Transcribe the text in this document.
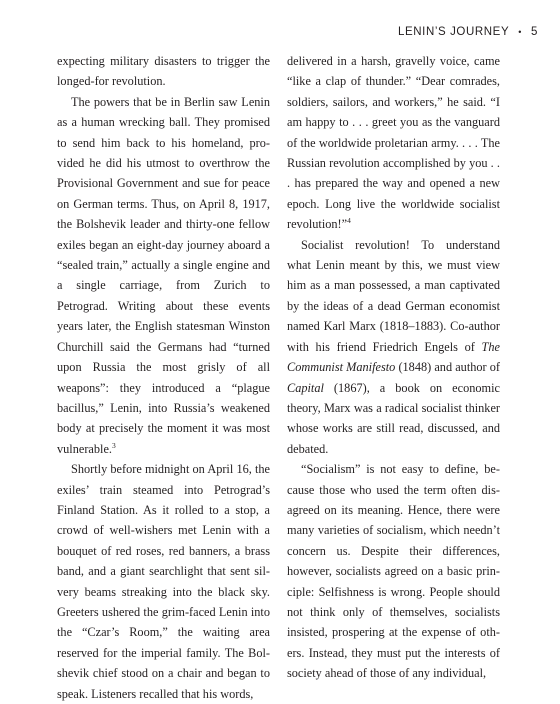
LENIN’S JOURNEY • 5

expecting military disasters to trigger the longed-for revolution.

The powers that be in Berlin saw Lenin as a human wrecking ball. They promised to send him back to his homeland, provided he did his utmost to overthrow the Provisional Government and sue for peace on German terms. Thus, on April 8, 1917, the Bolshevik leader and thirty-one fellow exiles began an eight-day journey aboard a “sealed train,” actually a single engine and a single carriage, from Zurich to Petrograd. Writing about these events years later, the English statesman Winston Churchill said the Germans had “turned upon Russia the most grisly of all weapons”: they introduced a “plague bacillus,” Lenin, into Russia’s weakened body at precisely the moment it was most vulnerable.$^3$

Shortly before midnight on April 16, the exiles’ train steamed into Petrograd’s Finland Station. As it rolled to a stop, a crowd of well-wishers met Lenin with a bouquet of red roses, red banners, a brass band, and a giant searchlight that sent silvery beams streaking into the black sky. Greeters ushered the grim-faced Lenin into the “Czar’s Room,” the waiting area reserved for the imperial family. The Bolshevik chief stood on a chair and began to speak. Listeners recalled that his words,

delivered in a harsh, gravelly voice, came “like a clap of thunder.” “Dear comrades, soldiers, sailors, and workers,” he said. “I am happy to . . . greet you as the vanguard of the worldwide proletarian army. . . . The Russian revolution accomplished by you . . . has prepared the way and opened a new epoch. Long live the worldwide socialist revolution!”$^4$

Socialist revolution! To understand what Lenin meant by this, we must view him as a man possessed, a man captivated by the ideas of a dead German economist named Karl Marx (1818–1883). Co-author with his friend Friedrich Engels of The Communist Manifesto (1848) and author of Capital (1867), a book on economic theory, Marx was a radical socialist thinker whose works are still read, discussed, and debated.

“Socialism” is not easy to define, because those who used the term often disagreed on its meaning. Hence, there were many varieties of socialism, which needn’t concern us. Despite their differences, however, socialists agreed on a basic principle: Selfishness is wrong. People should not think only of themselves, socialists insisted, prospering at the expense of others. Instead, they must put the interests of society ahead of those of any individual,
